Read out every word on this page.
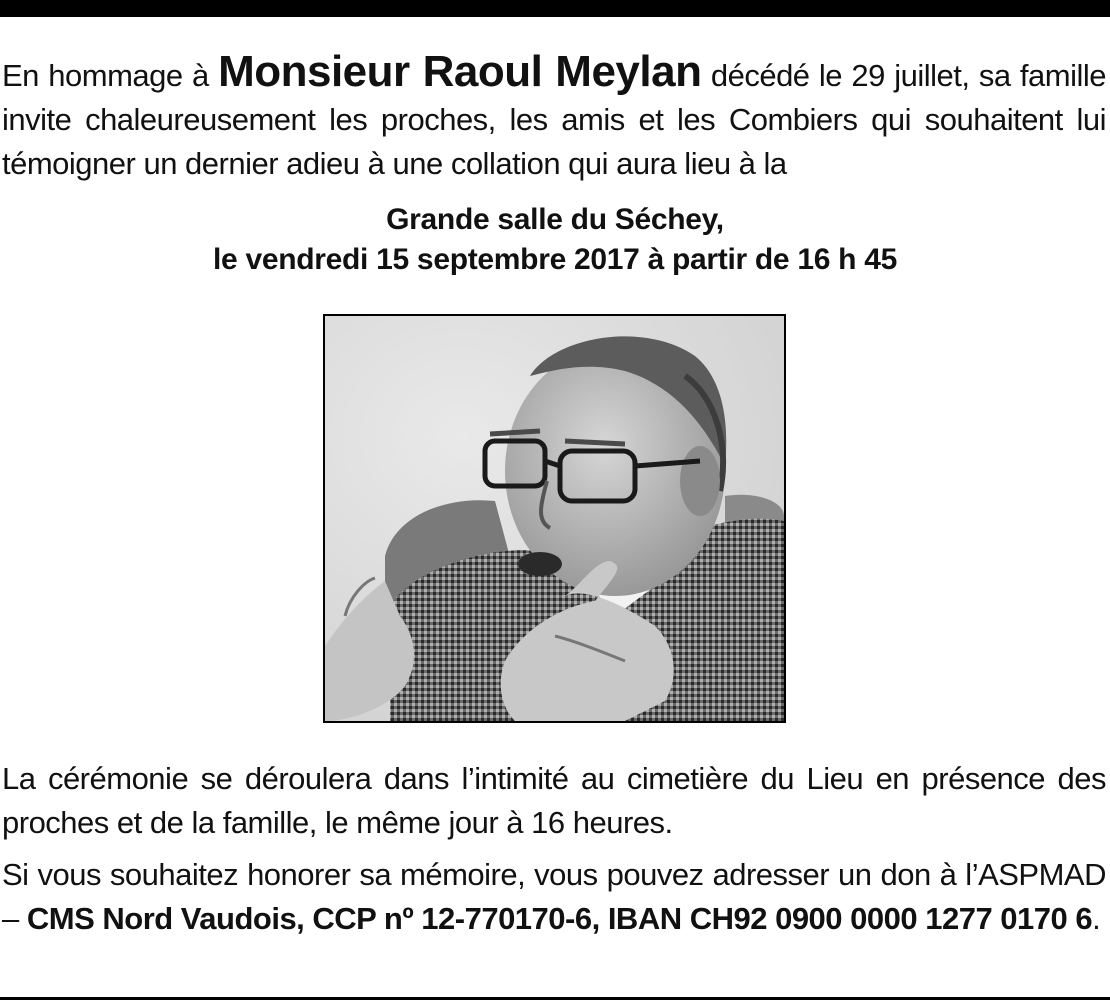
En hommage à Monsieur Raoul Meylan décédé le 29 juillet, sa famille invite chaleureusement les proches, les amis et les Combiers qui souhaitent lui témoigner un dernier adieu à une collation qui aura lieu à la

Grande salle du Séchey,
le vendredi 15 septembre 2017 à partir de 16 h 45

La cérémonie se déroulera dans l’intimité au cimetière du Lieu en présence des proches et de la famille, le même jour à 16 heures.

Si vous souhaitez honorer sa mémoire, vous pouvez adresser un don à l’ASPMAD – CMS Nord Vaudois, CCP nº 12-770170-6, IBAN CH92 0900 0000 1277 0170 6.
